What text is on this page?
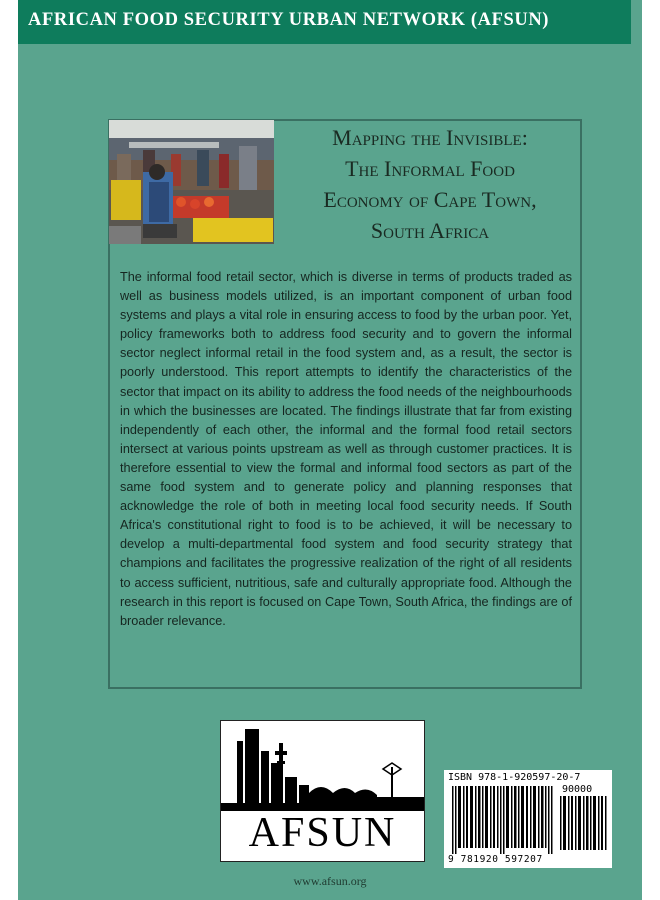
AFRICAN FOOD SECURITY URBAN NETWORK (AFSUN)
Mapping the Invisible:
The Informal Food
Economy of Cape Town,
South Africa
The informal food retail sector, which is diverse in terms of products traded as well as business models utilized, is an important component of urban food systems and plays a vital role in ensuring access to food by the urban poor. Yet, policy frameworks both to address food security and to govern the informal sector neglect informal retail in the food system and, as a result, the sector is poorly understood. This report attempts to identify the characteristics of the sector that impact on its ability to address the food needs of the neighbourhoods in which the businesses are located. The findings illustrate that far from existing independently of each other, the informal and the formal food retail sectors intersect at various points upstream as well as through customer practices. It is therefore essential to view the formal and informal food sectors as part of the same food system and to generate policy and planning responses that acknowledge the role of both in meeting local food security needs. If South Africa's constitutional right to food is to be achieved, it will be necessary to develop a multi-departmental food system and food security strategy that champions and facilitates the progressive realization of the right of all residents to access sufficient, nutritious, safe and culturally appropriate food. Although the research in this report is focused on Cape Town, South Africa, the findings are of broader relevance.
AFSUN
ISBN 978-1-920597-20-7
90000
9 781920 597207
www.afsun.org
